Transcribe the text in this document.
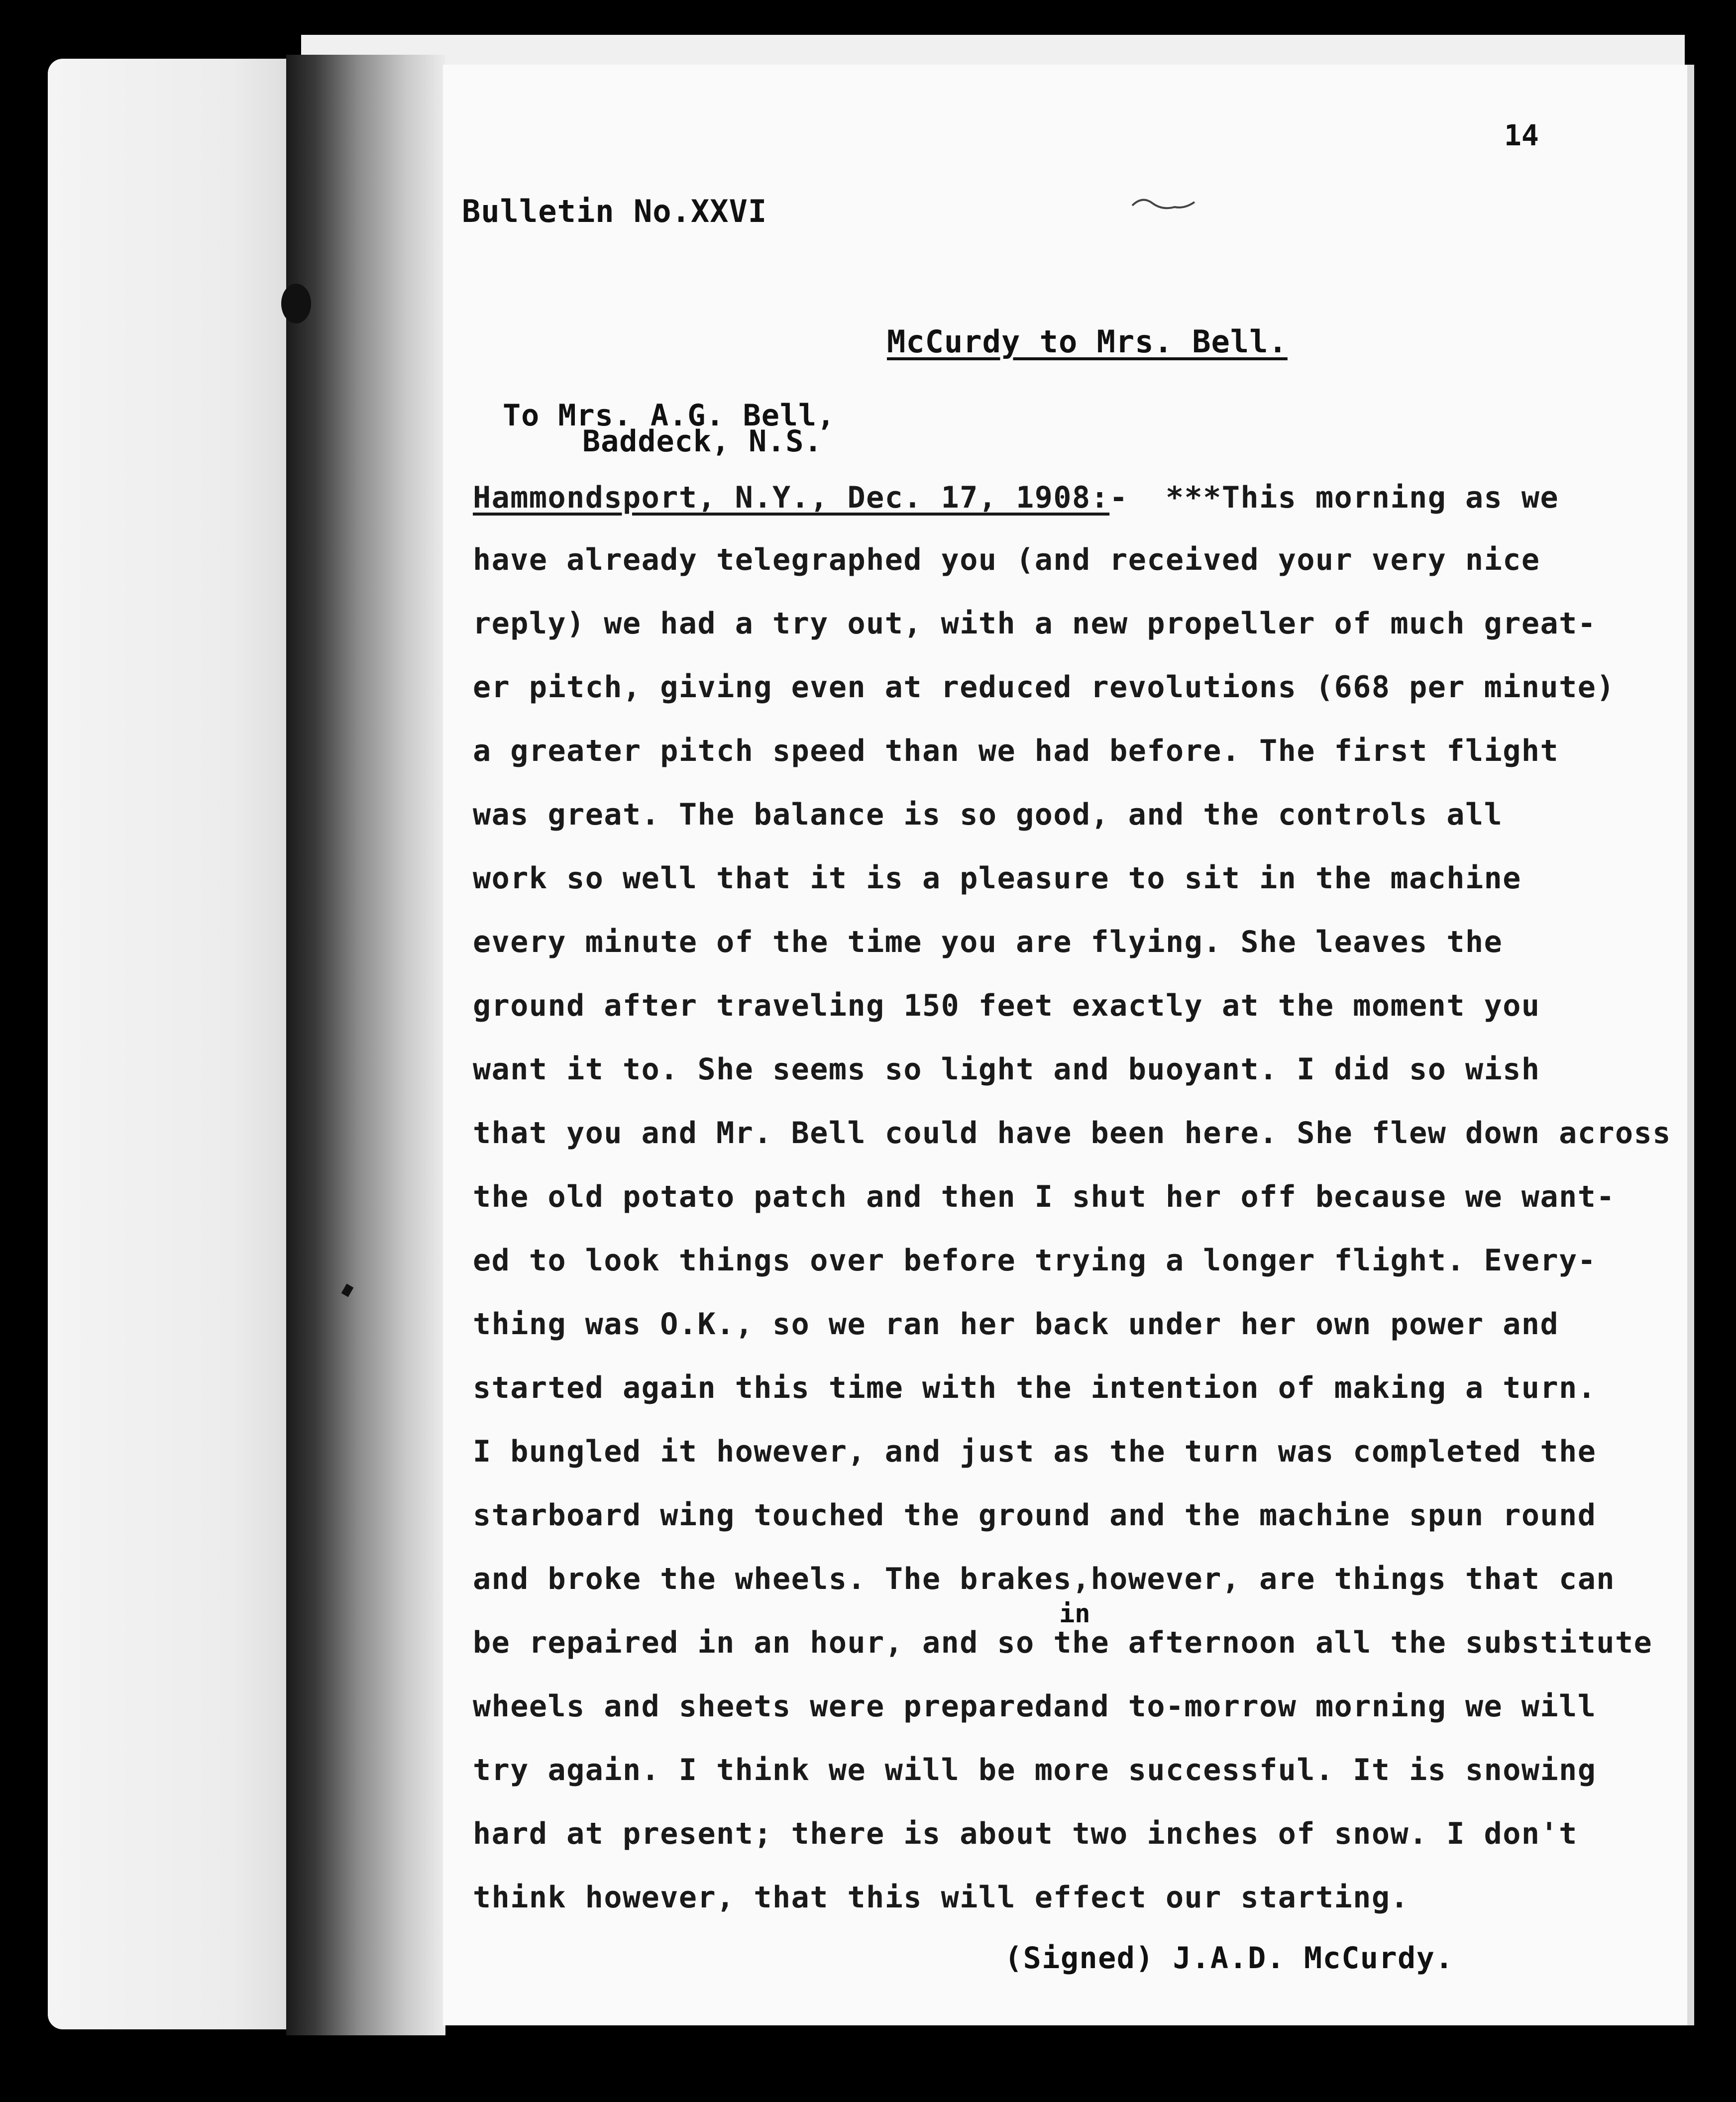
14
Bulletin No.XXVI
McCurdy to Mrs. Bell.
To Mrs. A.G. Bell,
Baddeck, N.S.
Hammondsport, N.Y., Dec. 17, 1908:-  ***This morning as we
have already telegraphed you (and received your very nice
reply) we had a try out, with a new propeller of much great-
er pitch, giving even at reduced revolutions (668 per minute)
a greater pitch speed than we had before. The first flight
was great. The balance is so good, and the controls all
work so well that it is a pleasure to sit in the machine
every minute of the time you are flying. She leaves the
ground after traveling 150 feet exactly at the moment you
want it to. She seems so light and buoyant. I did so wish
that you and Mr. Bell could have been here. She flew down across
the old potato patch and then I shut her off because we want-
ed to look things over before trying a longer flight. Every-
thing was O.K., so we ran her back under her own power and
started again this time with the intention of making a turn.
I bungled it however, and just as the turn was completed the
starboard wing touched the ground and the machine spun round
and broke the wheels. The brakes,however, are things that can
in
be repaired in an hour, and so the afternoon all the substitute
wheels and sheets were preparedand to-morrow morning we will
try again. I think we will be more successful. It is snowing
hard at present; there is about two inches of snow. I don't
think however, that this will effect our starting.
(Signed) J.A.D. McCurdy.
